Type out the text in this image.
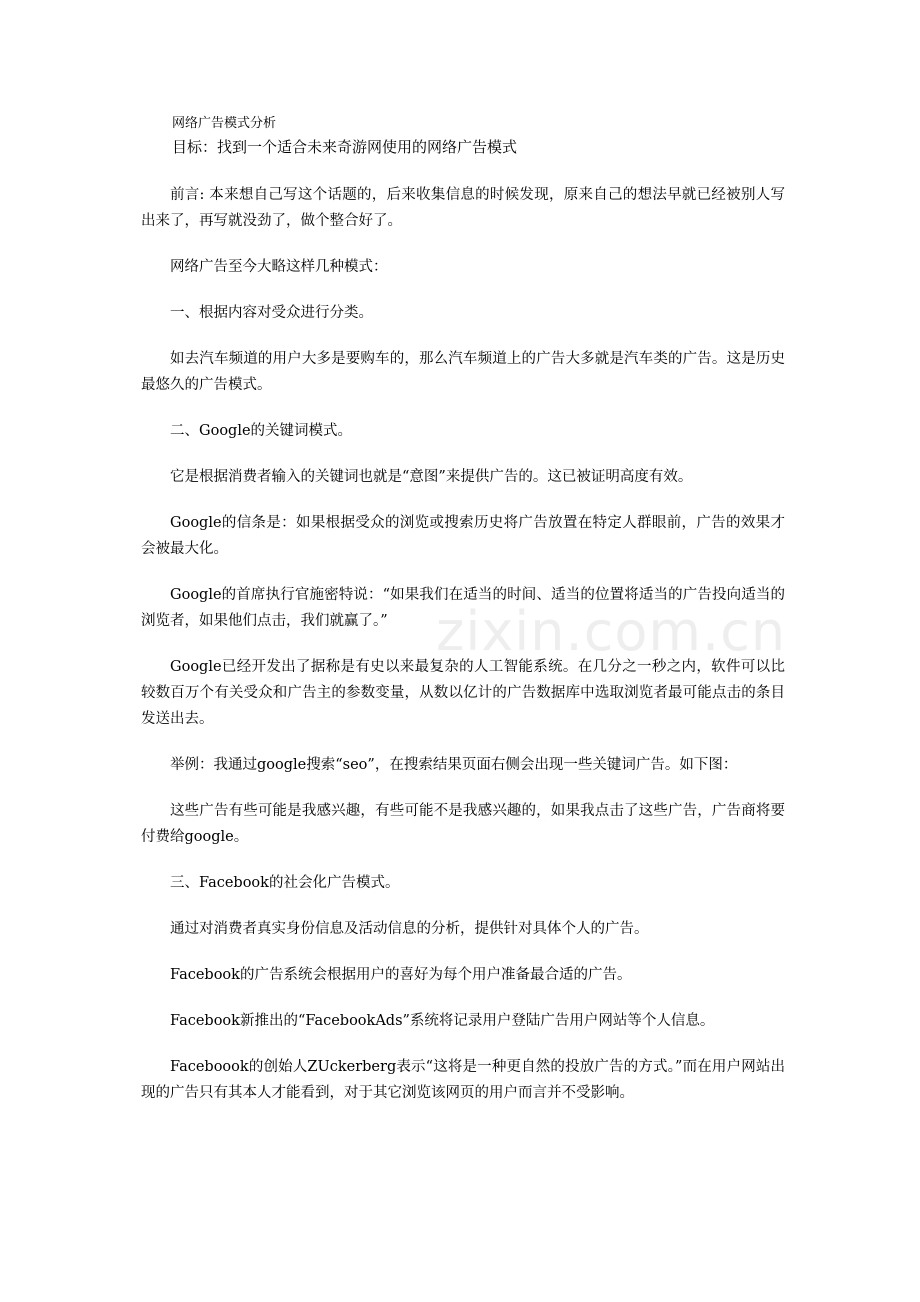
网络广告模式分析
目标：找到一个适合未来奇游网使用的网络广告模式

前言: 本来想自己写这个话题的，后来收集信息的时候发现，原来自己的想法早就已经被别人写出来了，再写就没劲了，做个整合好了。

网络广告至今大略这样几种模式：

一、根据内容对受众进行分类。

如去汽车频道的用户大多是要购车的，那么汽车频道上的广告大多就是汽车类的广告。这是历史最悠久的广告模式。

二、Google的关键词模式。

它是根据消费者输入的关键词也就是“意图”来提供广告的。这已被证明高度有效。

Google的信条是：如果根据受众的浏览或搜索历史将广告放置在特定人群眼前，广告的效果才会被最大化。

Google的首席执行官施密特说：“如果我们在适当的时间、适当的位置将适当的广告投向适当的浏览者，如果他们点击，我们就赢了。”

Google已经开发出了据称是有史以来最复杂的人工智能系统。在几分之一秒之内，软件可以比较数百万个有关受众和广告主的参数变量，从数以亿计的广告数据库中选取浏览者最可能点击的条目发送出去。

举例：我通过google搜索“seo”，在搜索结果页面右侧会出现一些关键词广告。如下图：

这些广告有些可能是我感兴趣，有些可能不是我感兴趣的，如果我点击了这些广告，广告商将要付费给google。

三、Facebook的社会化广告模式。

通过对消费者真实身份信息及活动信息的分析，提供针对具体个人的广告。

Facebook的广告系统会根据用户的喜好为每个用户准备最合适的广告。

Facebook新推出的“FacebookAds”系统将记录用户登陆广告用户网站等个人信息。

Faceboook的创始人ZUckerberg表示“这将是一种更自然的投放广告的方式。”而在用户网站出现的广告只有其本人才能看到，对于其它浏览该网页的用户而言并不受影响。

zixin.com.cn
